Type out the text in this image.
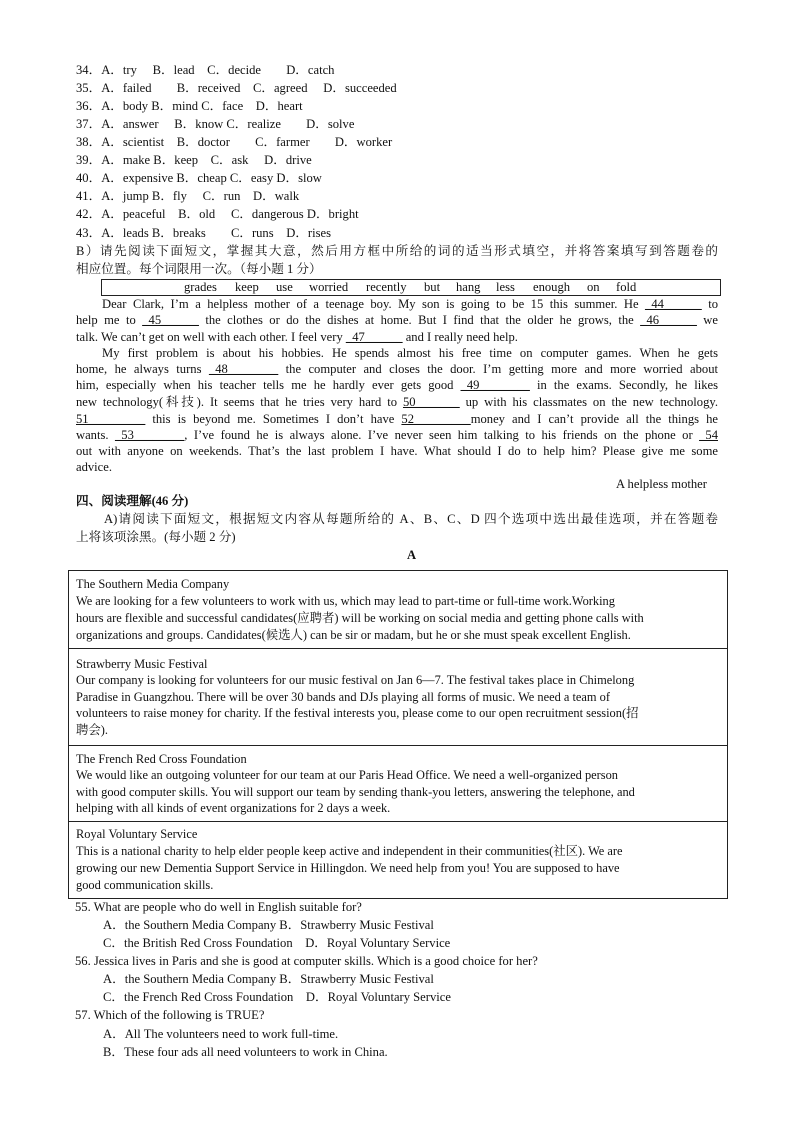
34．A．try　 B．lead　C．decide　　D．catch
35．A．failed　　B．received　C．agreed　 D．succeeded
36．A．body B．mind C．face　D．heart
37．A．answer　 B．know C．realize　　D．solve
38．A．scientist　B．doctor　　C．farmer　　D．worker
39．A．make B．keep　C．ask　 D．drive
40．A．expensive B．cheap C．easy D．slow
41．A．jump B．fly　 C．run　D．walk
42．A．peaceful　B．old　 C．dangerous D．bright
43．A．leads B．breaks　　C．runs　D．rises
B）请先阅读下面短文，掌握其大意，然后用方框中所给的词的适当形式填空，并将答案填写到答题卷的
相应位置。每个词限用一次。（每小题 1 分）
grades keep use worried recently but hang less enough on fold
Dear Clark, I’m a helpless mother of a teenage boy. My son is going to be 15 this summer. He _44______ to
help me to _45______ the clothes or do the dishes at home. But I find that the older he grows, the _46______ we
talk. We can’t get on well with each other. I feel very _47______ and I really need help.
My first problem is about his hobbies. He spends almost his free time on computer games. When he gets
home, he always turns _48________ the computer and closes the door. I’m getting more and more worried about
him, especially when his teacher tells me he hardly ever gets good _49________ in the exams. Secondly, he likes
new technology(科技). It seems that he tries very hard to 50_______ up with his classmates on the new technology.
51_________ this is beyond me. Sometimes I don’t have 52_________money and I can’t provide all the things he
wants. _53________, I’ve found he is always alone. I’ve never seen him talking to his friends on the phone or _54
out with anyone on weekends. That’s the last problem I have. What should I do to help him? Please give me some
advice.
A helpless mother
四、阅读理解(46 分)
A)请阅读下面短文，根据短文内容从每题所给的 A、B、C、D 四个选项中选出最佳选项，并在答题卷
上将该项涂黑。(每小题 2 分)
A
The Southern Media Company
We are looking for a few volunteers to work with us, which may lead to part-time or full-time work.Working
hours are flexible and successful candidates(应聘者) will be working on social media and getting phone calls with
organizations and groups. Candidates(候选人) can be sir or madam, but he or she must speak excellent English.
Strawberry Music Festival
Our company is looking for volunteers for our music festival on Jan 6—7. The festival takes place in Chimelong
Paradise in Guangzhou. There will be over 30 bands and DJs playing all forms of music. We need a team of
volunteers to raise money for charity. If the festival interests you, please come to our open recruitment session(招
聘会).
The French Red Cross Foundation
We would like an outgoing volunteer for our team at our Paris Head Office. We need a well-organized person
with good computer skills. You will support our team by sending thank-you letters, answering the telephone, and
helping with all kinds of event organizations for 2 days a week.
Royal Voluntary Service
This is a national charity to help elder people keep active and independent in their communities(社区). We are
growing our new Dementia Support Service in Hillingdon. We need help from you! You are supposed to have
good communication skills.
55. What are people who do well in English suitable for?
A．the Southern Media Company B．Strawberry Music Festival
C．the British Red Cross Foundation　D．Royal Voluntary Service
56. Jessica lives in Paris and she is good at computer skills. Which is a good choice for her?
A．the Southern Media Company B．Strawberry Music Festival
C．the French Red Cross Foundation　D．Royal Voluntary Service
57. Which of the following is TRUE?
A．All The volunteers need to work full-time.
B．These four ads all need volunteers to work in China.
